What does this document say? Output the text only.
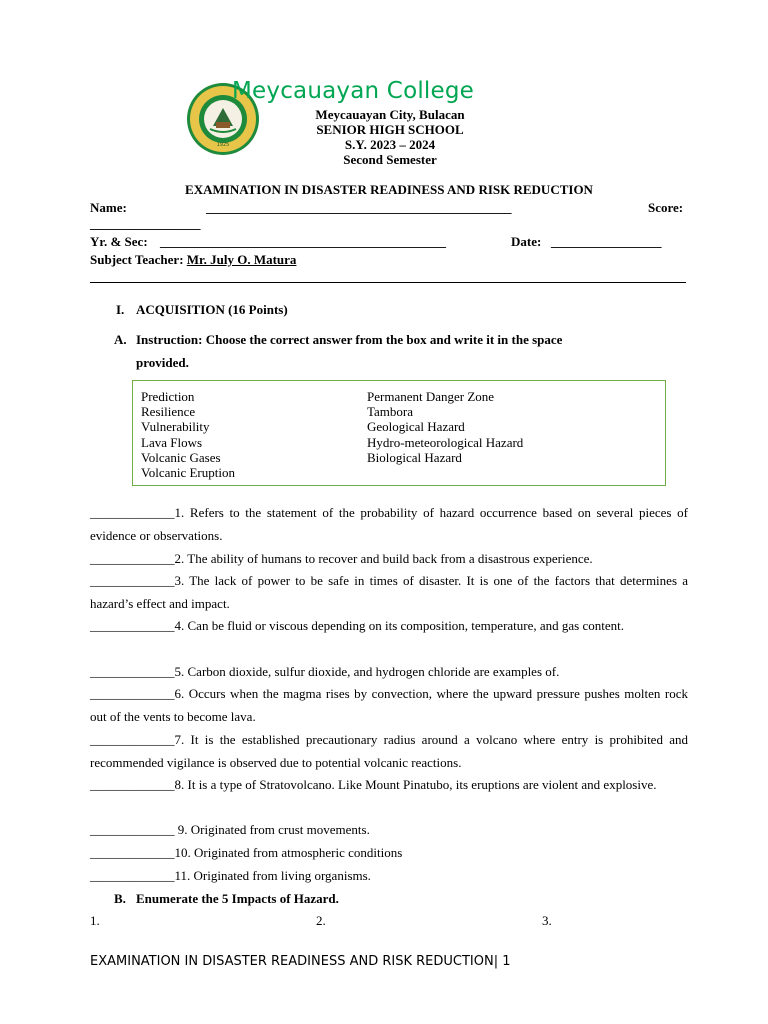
1925
Meycauayan College
Meycauayan City, Bulacan
SENIOR HIGH SCHOOL
S.Y. 2023 – 2024
Second Semester
EXAMINATION IN DISASTER READINESS AND RISK REDUCTION
Name:	_______________________________________________	Score:
_________________
Yr. & Sec: ____________________________________________	Date: _________________
Subject Teacher: Mr. July O. Matura
I. ACQUISITION (16 Points)
A. Instruction: Choose the correct answer from the box and write it in the space
provided.
Prediction
Resilience
Vulnerability
Lava Flows
Volcanic Gases
Volcanic Eruption
Permanent Danger Zone
Tambora
Geological Hazard
Hydro-meteorological Hazard
Biological Hazard
_____________1. Refers to the statement of the probability of hazard occurrence based on several pieces of evidence or observations.
_____________2. The ability of humans to recover and build back from a disastrous experience.
_____________3. The lack of power to be safe in times of disaster. It is one of the factors that determines a hazard’s effect and impact.
_____________4. Can be fluid or viscous depending on its composition, temperature, and gas content.
_____________5. Carbon dioxide, sulfur dioxide, and hydrogen chloride are examples of.
_____________6. Occurs when the magma rises by convection, where the upward pressure pushes molten rock out of the vents to become lava.
_____________7. It is the established precautionary radius around a volcano where entry is prohibited and recommended vigilance is observed due to potential volcanic reactions.
_____________8. It is a type of Stratovolcano. Like Mount Pinatubo, its eruptions are violent and explosive.
_____________ 9. Originated from crust movements.
_____________10. Originated from atmospheric conditions
_____________11. Originated from living organisms.
B. Enumerate the 5 Impacts of Hazard.
1.	2.	3.
EXAMINATION IN DISASTER READINESS AND RISK REDUCTION| 1
